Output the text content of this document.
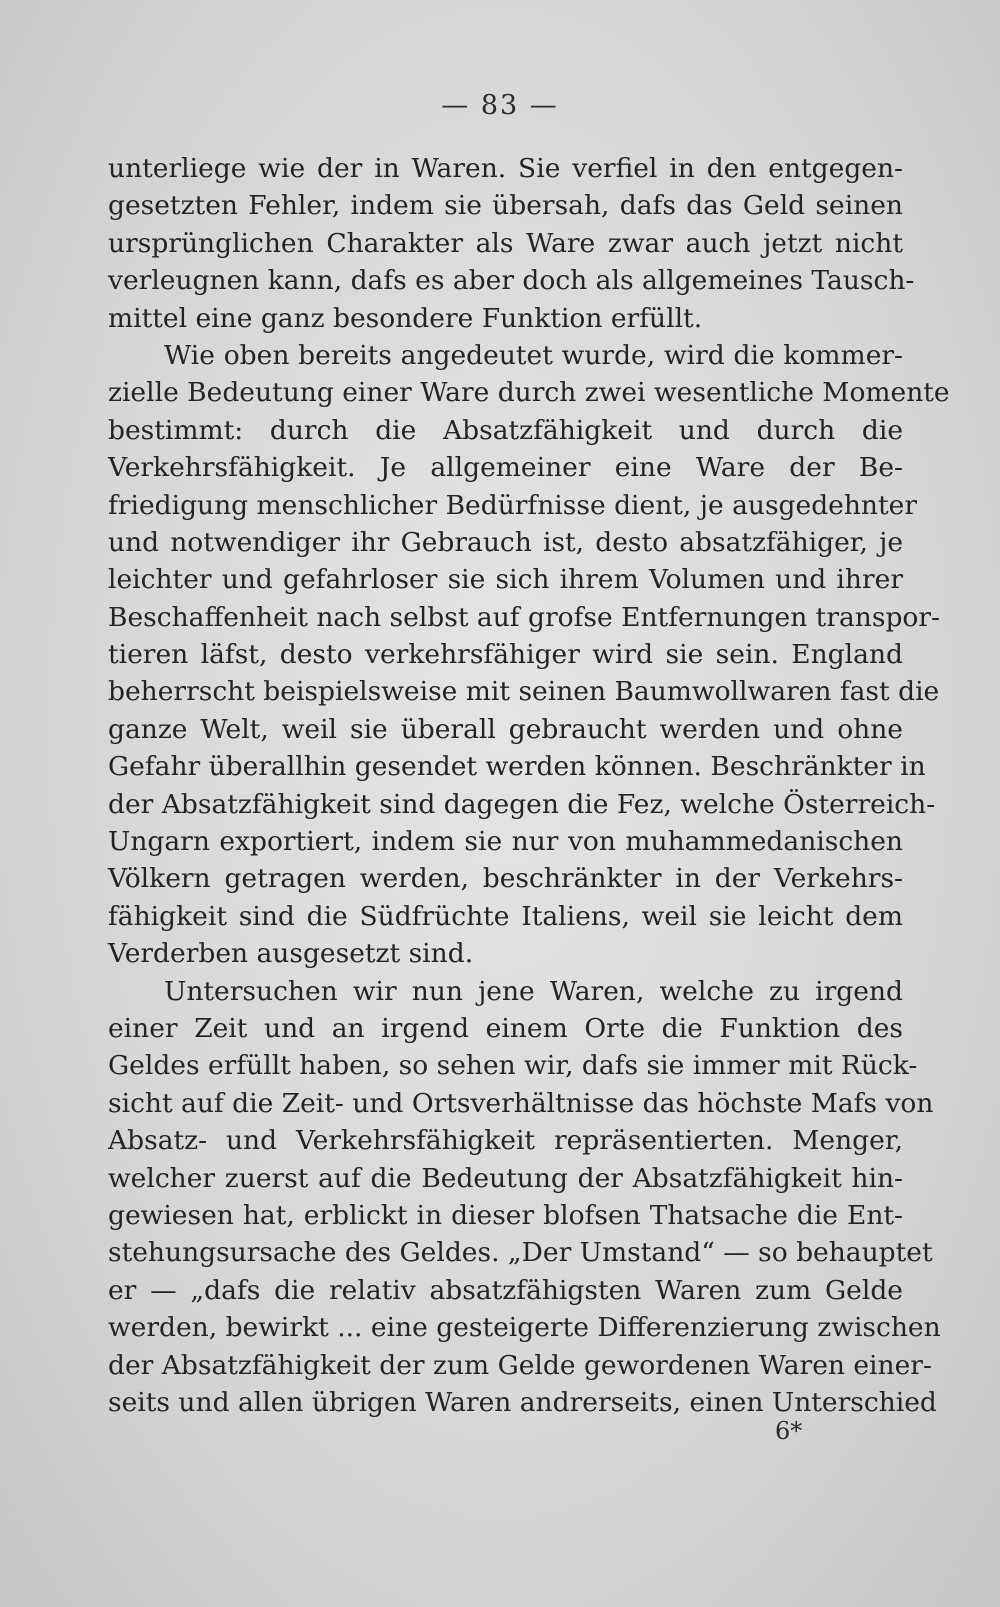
— 83 —
unterliege wie der in Waren. Sie verfiel in den entgegen-
gesetzten Fehler, indem sie übersah, dafs das Geld seinen
ursprünglichen Charakter als Ware zwar auch jetzt nicht
verleugnen kann, dafs es aber doch als allgemeines Tausch-
mittel eine ganz besondere Funktion erfüllt.
Wie oben bereits angedeutet wurde, wird die kommer-
zielle Bedeutung einer Ware durch zwei wesentliche Momente
bestimmt: durch die Absatzfähigkeit und durch die
Verkehrsfähigkeit. Je allgemeiner eine Ware der Be-
friedigung menschlicher Bedürfnisse dient, je ausgedehnter
und notwendiger ihr Gebrauch ist, desto absatzfähiger, je
leichter und gefahrloser sie sich ihrem Volumen und ihrer
Beschaffenheit nach selbst auf grofse Entfernungen transpor-
tieren läfst, desto verkehrsfähiger wird sie sein. England
beherrscht beispielsweise mit seinen Baumwollwaren fast die
ganze Welt, weil sie überall gebraucht werden und ohne
Gefahr überallhin gesendet werden können. Beschränkter in
der Absatzfähigkeit sind dagegen die Fez, welche Österreich-
Ungarn exportiert, indem sie nur von muhammedanischen
Völkern getragen werden, beschränkter in der Verkehrs-
fähigkeit sind die Südfrüchte Italiens, weil sie leicht dem
Verderben ausgesetzt sind.
Untersuchen wir nun jene Waren, welche zu irgend
einer Zeit und an irgend einem Orte die Funktion des
Geldes erfüllt haben, so sehen wir, dafs sie immer mit Rück-
sicht auf die Zeit- und Ortsverhältnisse das höchste Mafs von
Absatz- und Verkehrsfähigkeit repräsentierten. Menger,
welcher zuerst auf die Bedeutung der Absatzfähigkeit hin-
gewiesen hat, erblickt in dieser blofsen Thatsache die Ent-
stehungsursache des Geldes. „Der Umstand“ — so behauptet
er — „dafs die relativ absatzfähigsten Waren zum Gelde
werden, bewirkt ... eine gesteigerte Differenzierung zwischen
der Absatzfähigkeit der zum Gelde gewordenen Waren einer-
seits und allen übrigen Waren andrerseits, einen Unterschied
6*
